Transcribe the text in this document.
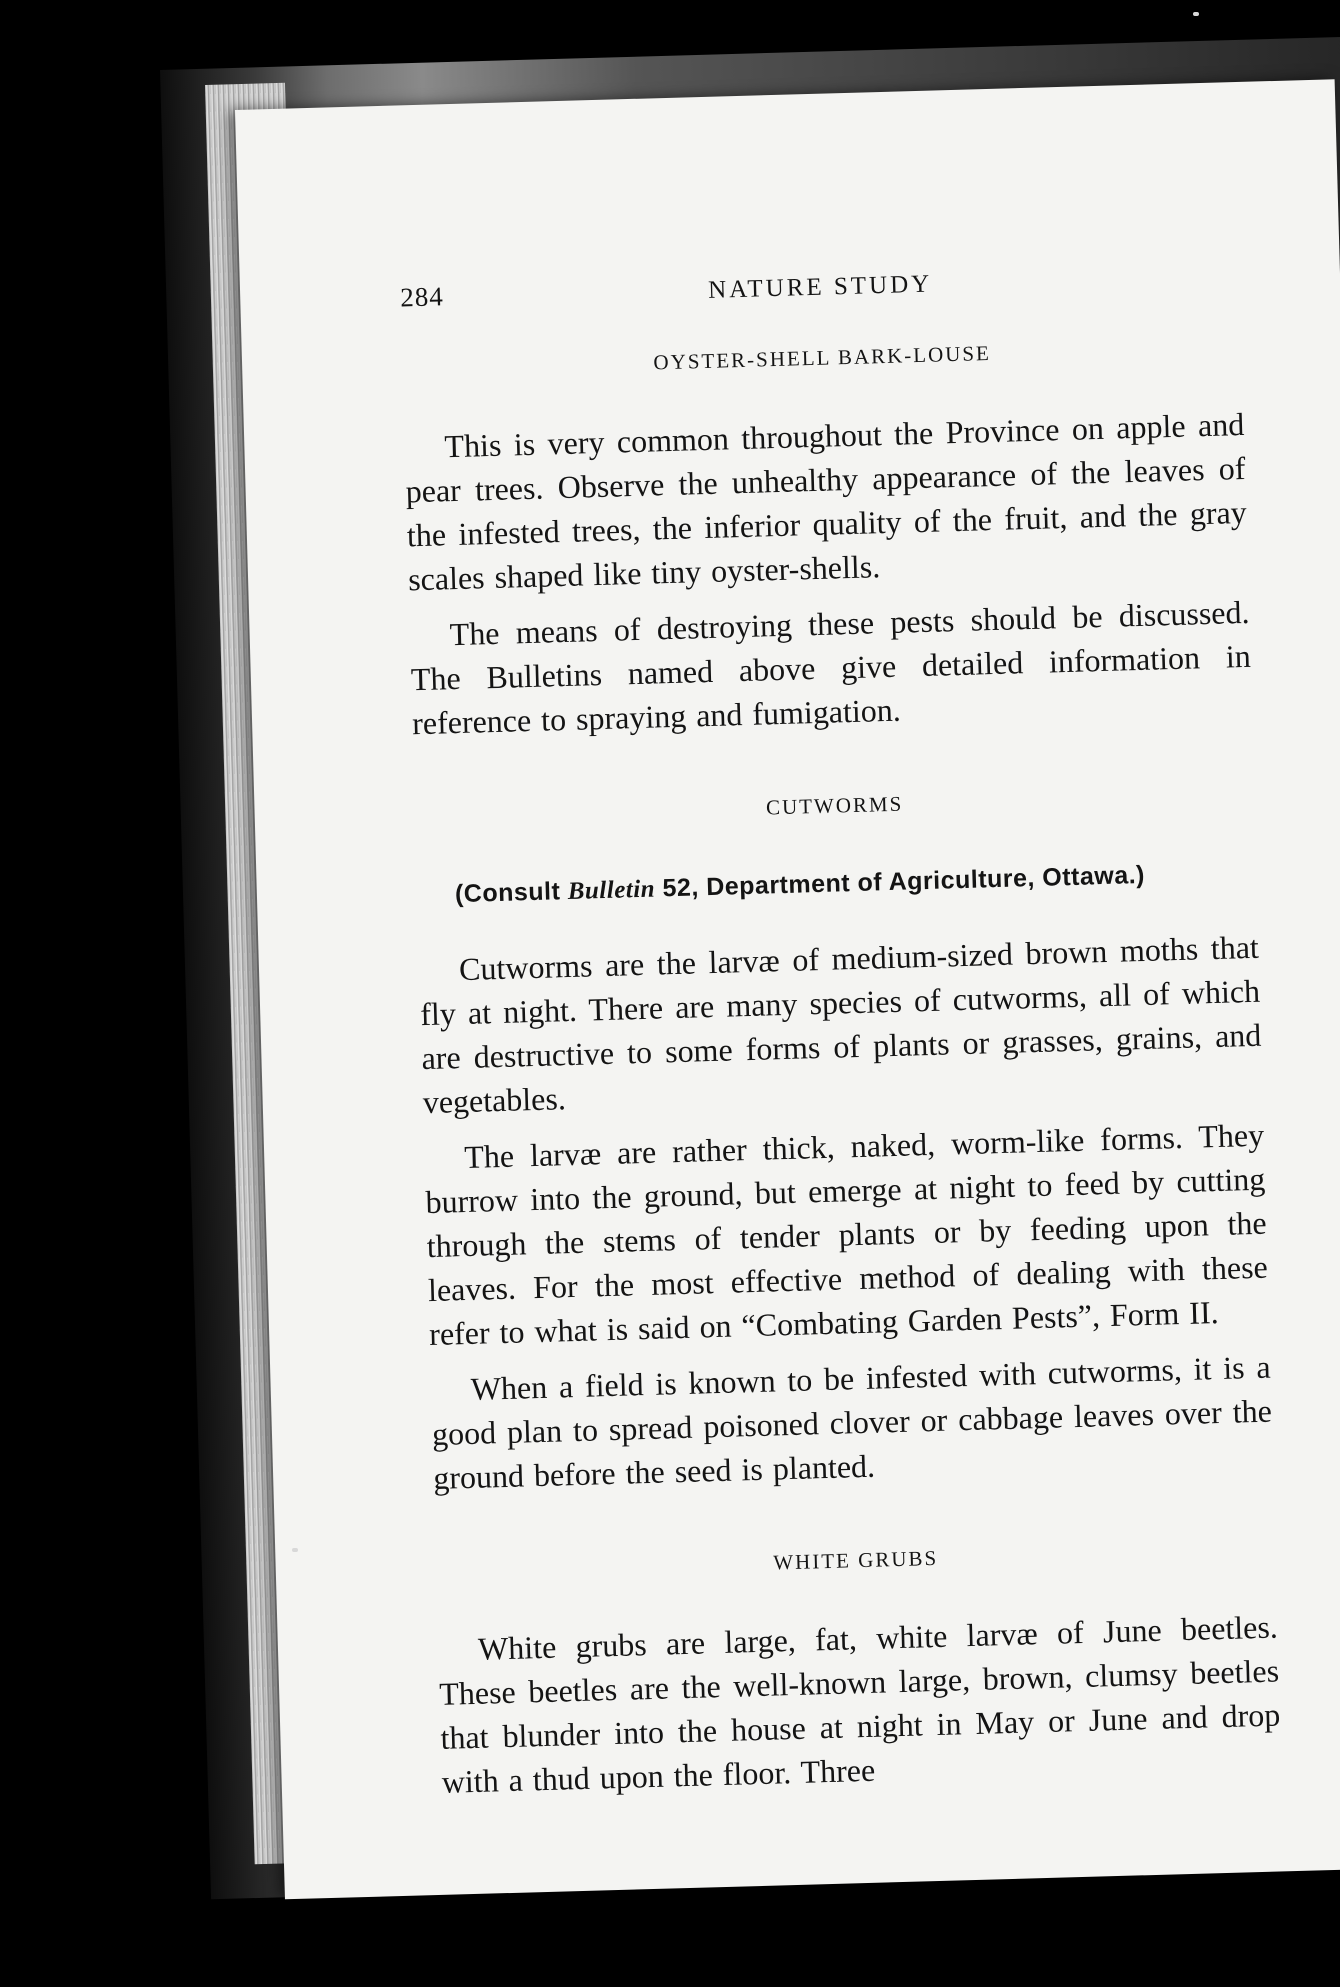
284	NATURE STUDY
OYSTER-SHELL BARK-LOUSE

This is very common throughout the Province on apple and pear trees. Observe the unhealthy appearance of the leaves of the infested trees, the inferior quality of the fruit, and the gray scales shaped like tiny oyster-shells.

The means of destroying these pests should be discussed. The Bulletins named above give detailed information in reference to spraying and fumigation.

CUTWORMS
(Consult Bulletin 52, Department of Agriculture, Ottawa.)

Cutworms are the larvæ of medium-sized brown moths that fly at night. There are many species of cutworms, all of which are destructive to some forms of plants or grasses, grains, and vegetables.

The larvæ are rather thick, naked, worm-like forms. They burrow into the ground, but emerge at night to feed by cutting through the stems of tender plants or by feeding upon the leaves. For the most effective method of dealing with these refer to what is said on “Combating Garden Pests”, Form II.

When a field is known to be infested with cutworms, it is a good plan to spread poisoned clover or cabbage leaves over the ground before the seed is planted.

WHITE GRUBS

White grubs are large, fat, white larvæ of June beetles. These beetles are the well-known large, brown, clumsy beetles that blunder into the house at night in May or June and drop with a thud upon the floor. Three
